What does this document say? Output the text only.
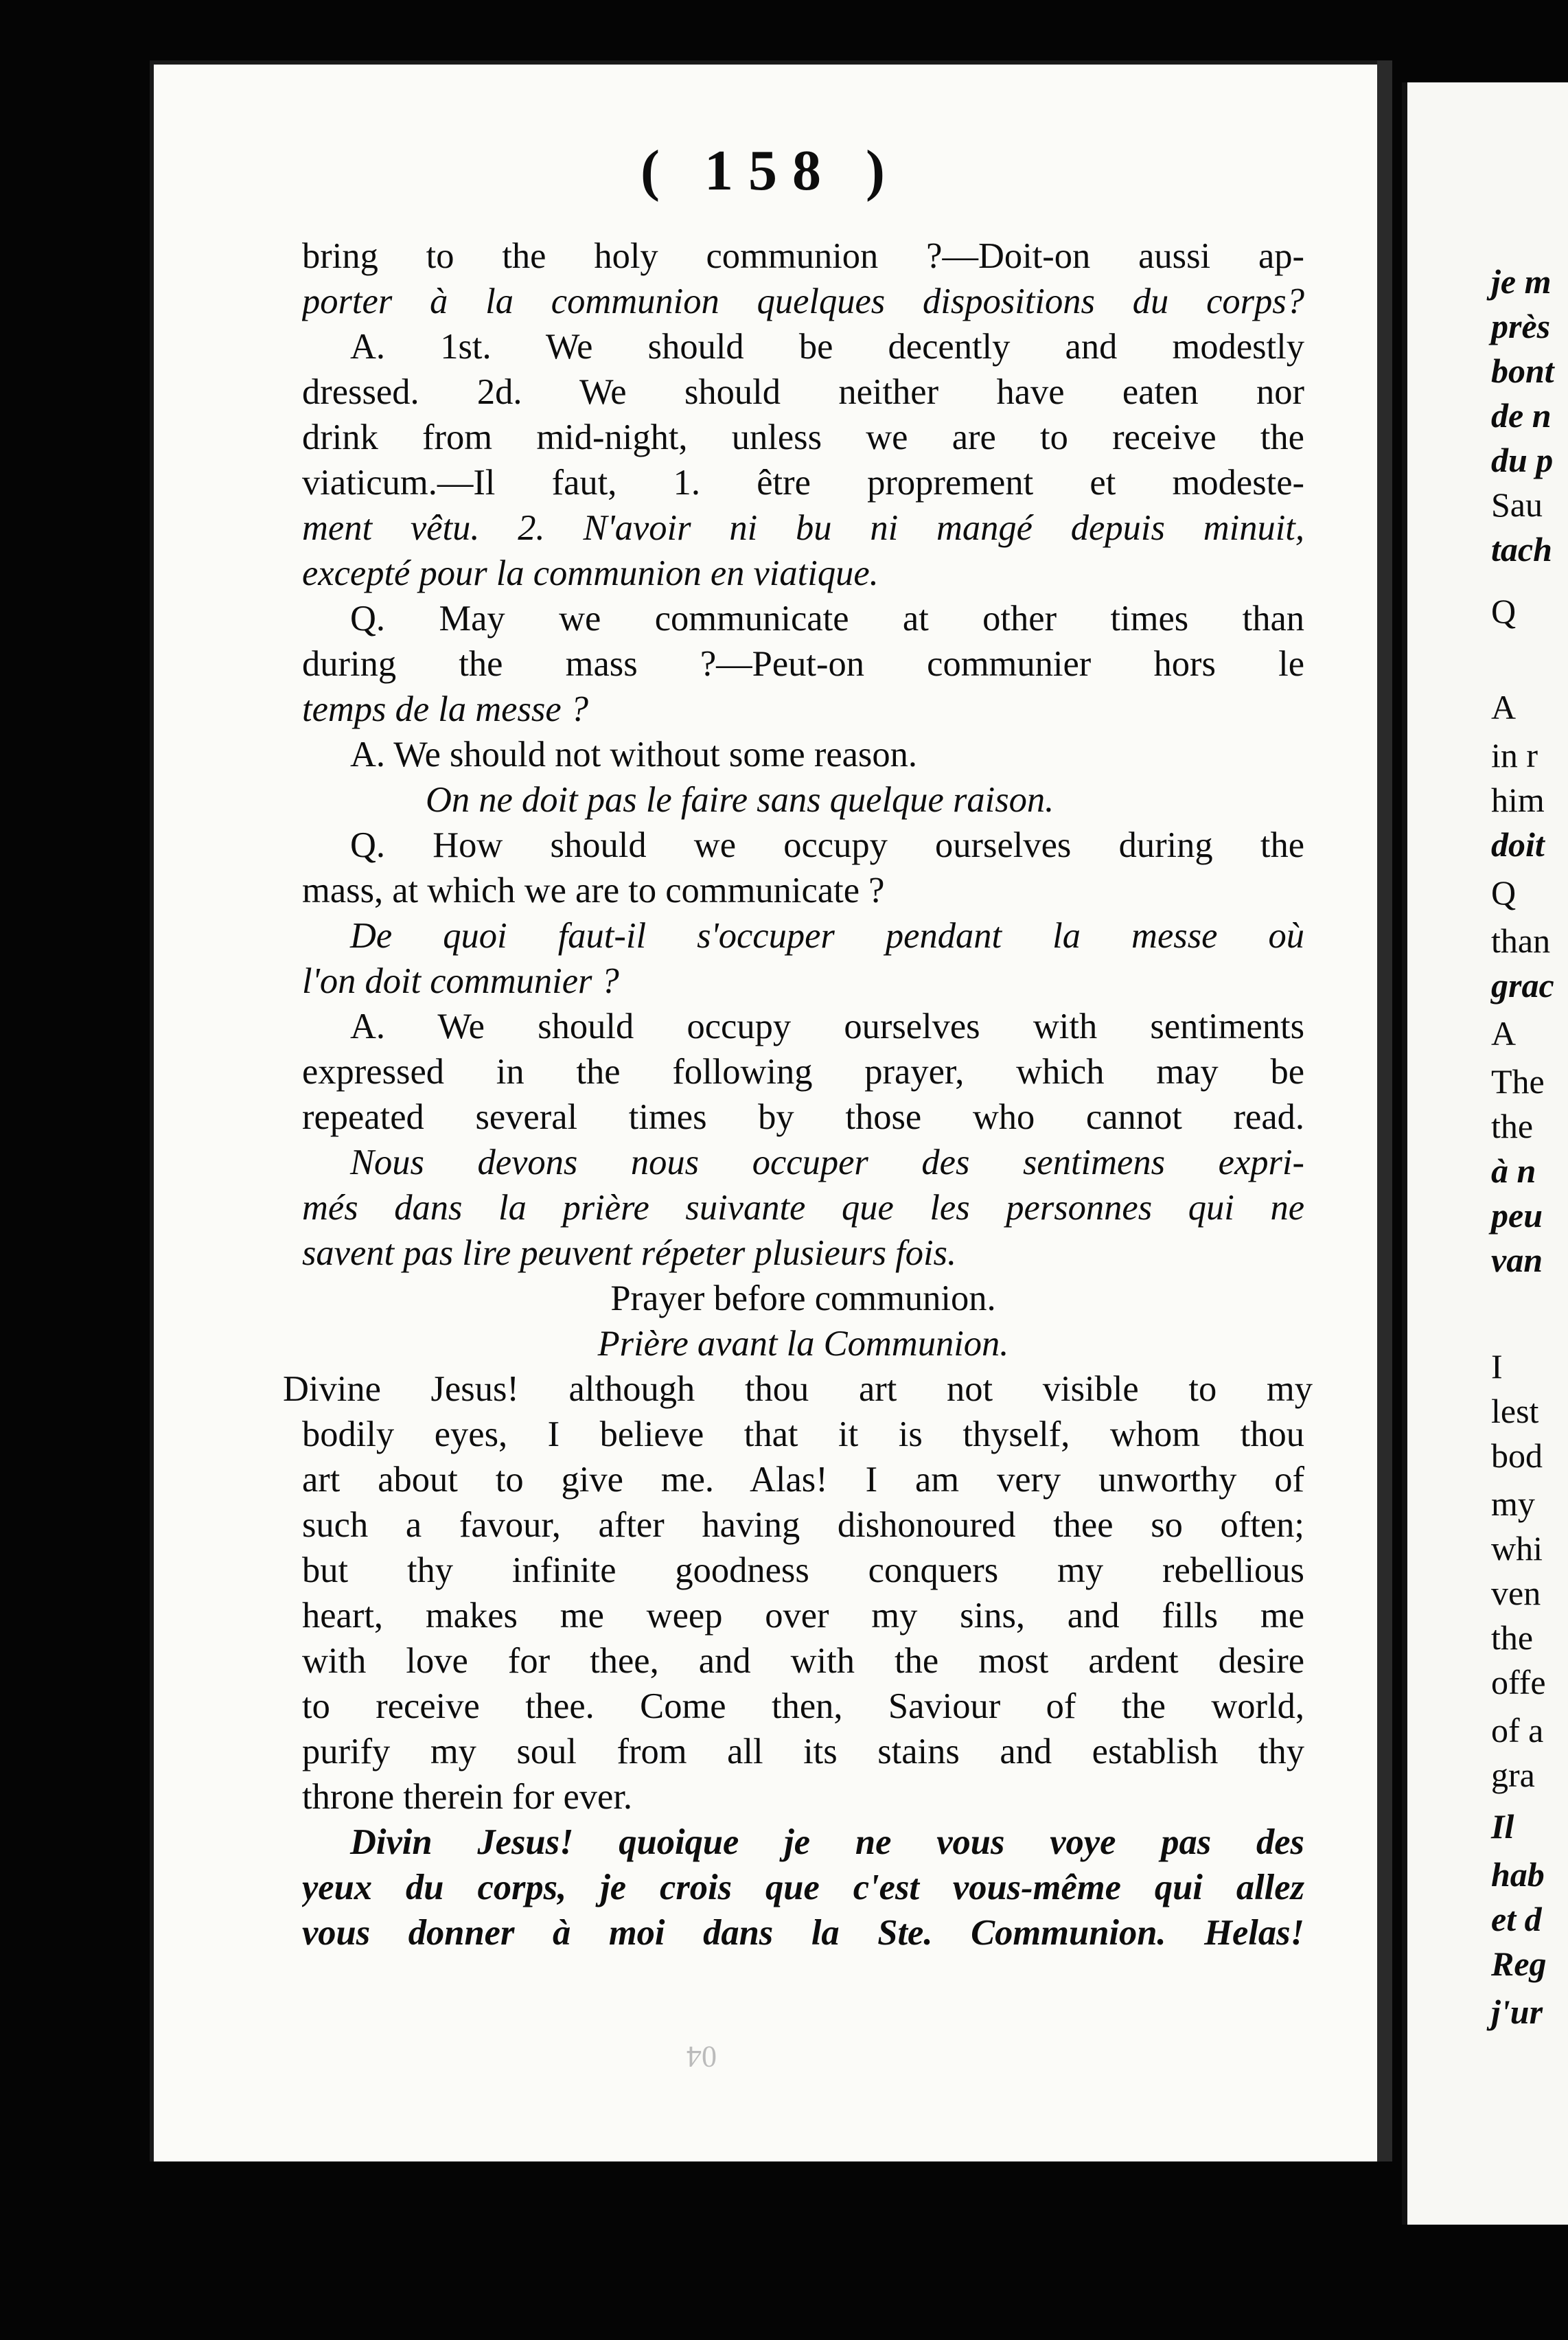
( 158 )
bring to the holy communion ?—Doit-on aussi ap-
porter à la communion quelques dispositions du corps?
A. 1st. We should be decently and modestly
dressed. 2d. We should neither have eaten nor
drink from mid-night, unless we are to receive the
viaticum.—Il faut, 1. être proprement et modeste-
ment vêtu. 2. N'avoir ni bu ni mangé depuis minuit,
excepté pour la communion en viatique.
Q. May we communicate at other times than
during the mass ?—Peut-on communier hors le
temps de la messe ?
A. We should not without some reason.
On ne doit pas le faire sans quelque raison.
Q. How should we occupy ourselves during the
mass, at which we are to communicate ?
De quoi faut-il s'occuper pendant la messe où
l'on doit communier ?
A. We should occupy ourselves with sentiments
expressed in the following prayer, which may be
repeated several times by those who cannot read.
Nous devons nous occuper des sentimens expri-
més dans la prière suivante que les personnes qui ne
savent pas lire peuvent répeter plusieurs fois.
Prayer before communion.
Prière avant la Communion.
Divine Jesus! although thou art not visible to my
bodily eyes, I believe that it is thyself, whom thou
art about to give me. Alas! I am very unworthy of
such a favour, after having dishonoured thee so often;
but thy infinite goodness conquers my rebellious
heart, makes me weep over my sins, and fills me
with love for thee, and with the most ardent desire
to receive thee. Come then, Saviour of the world,
purify my soul from all its stains and establish thy
throne therein for ever.
Divin Jesus! quoique je ne vous voye pas des
yeux du corps, je crois que c'est vous-même qui allez
vous donner à moi dans la Ste. Communion. Helas!
04
je m
près
bont
de n
du p
Sau
tach
Q
A
in r
him
doit
Q
than
grac
A
The
the
à n
peu
van
I
lest
bod
my
whi
ven
the
offe
of a
gra
Il
hab
et d
Reg
j'ur
